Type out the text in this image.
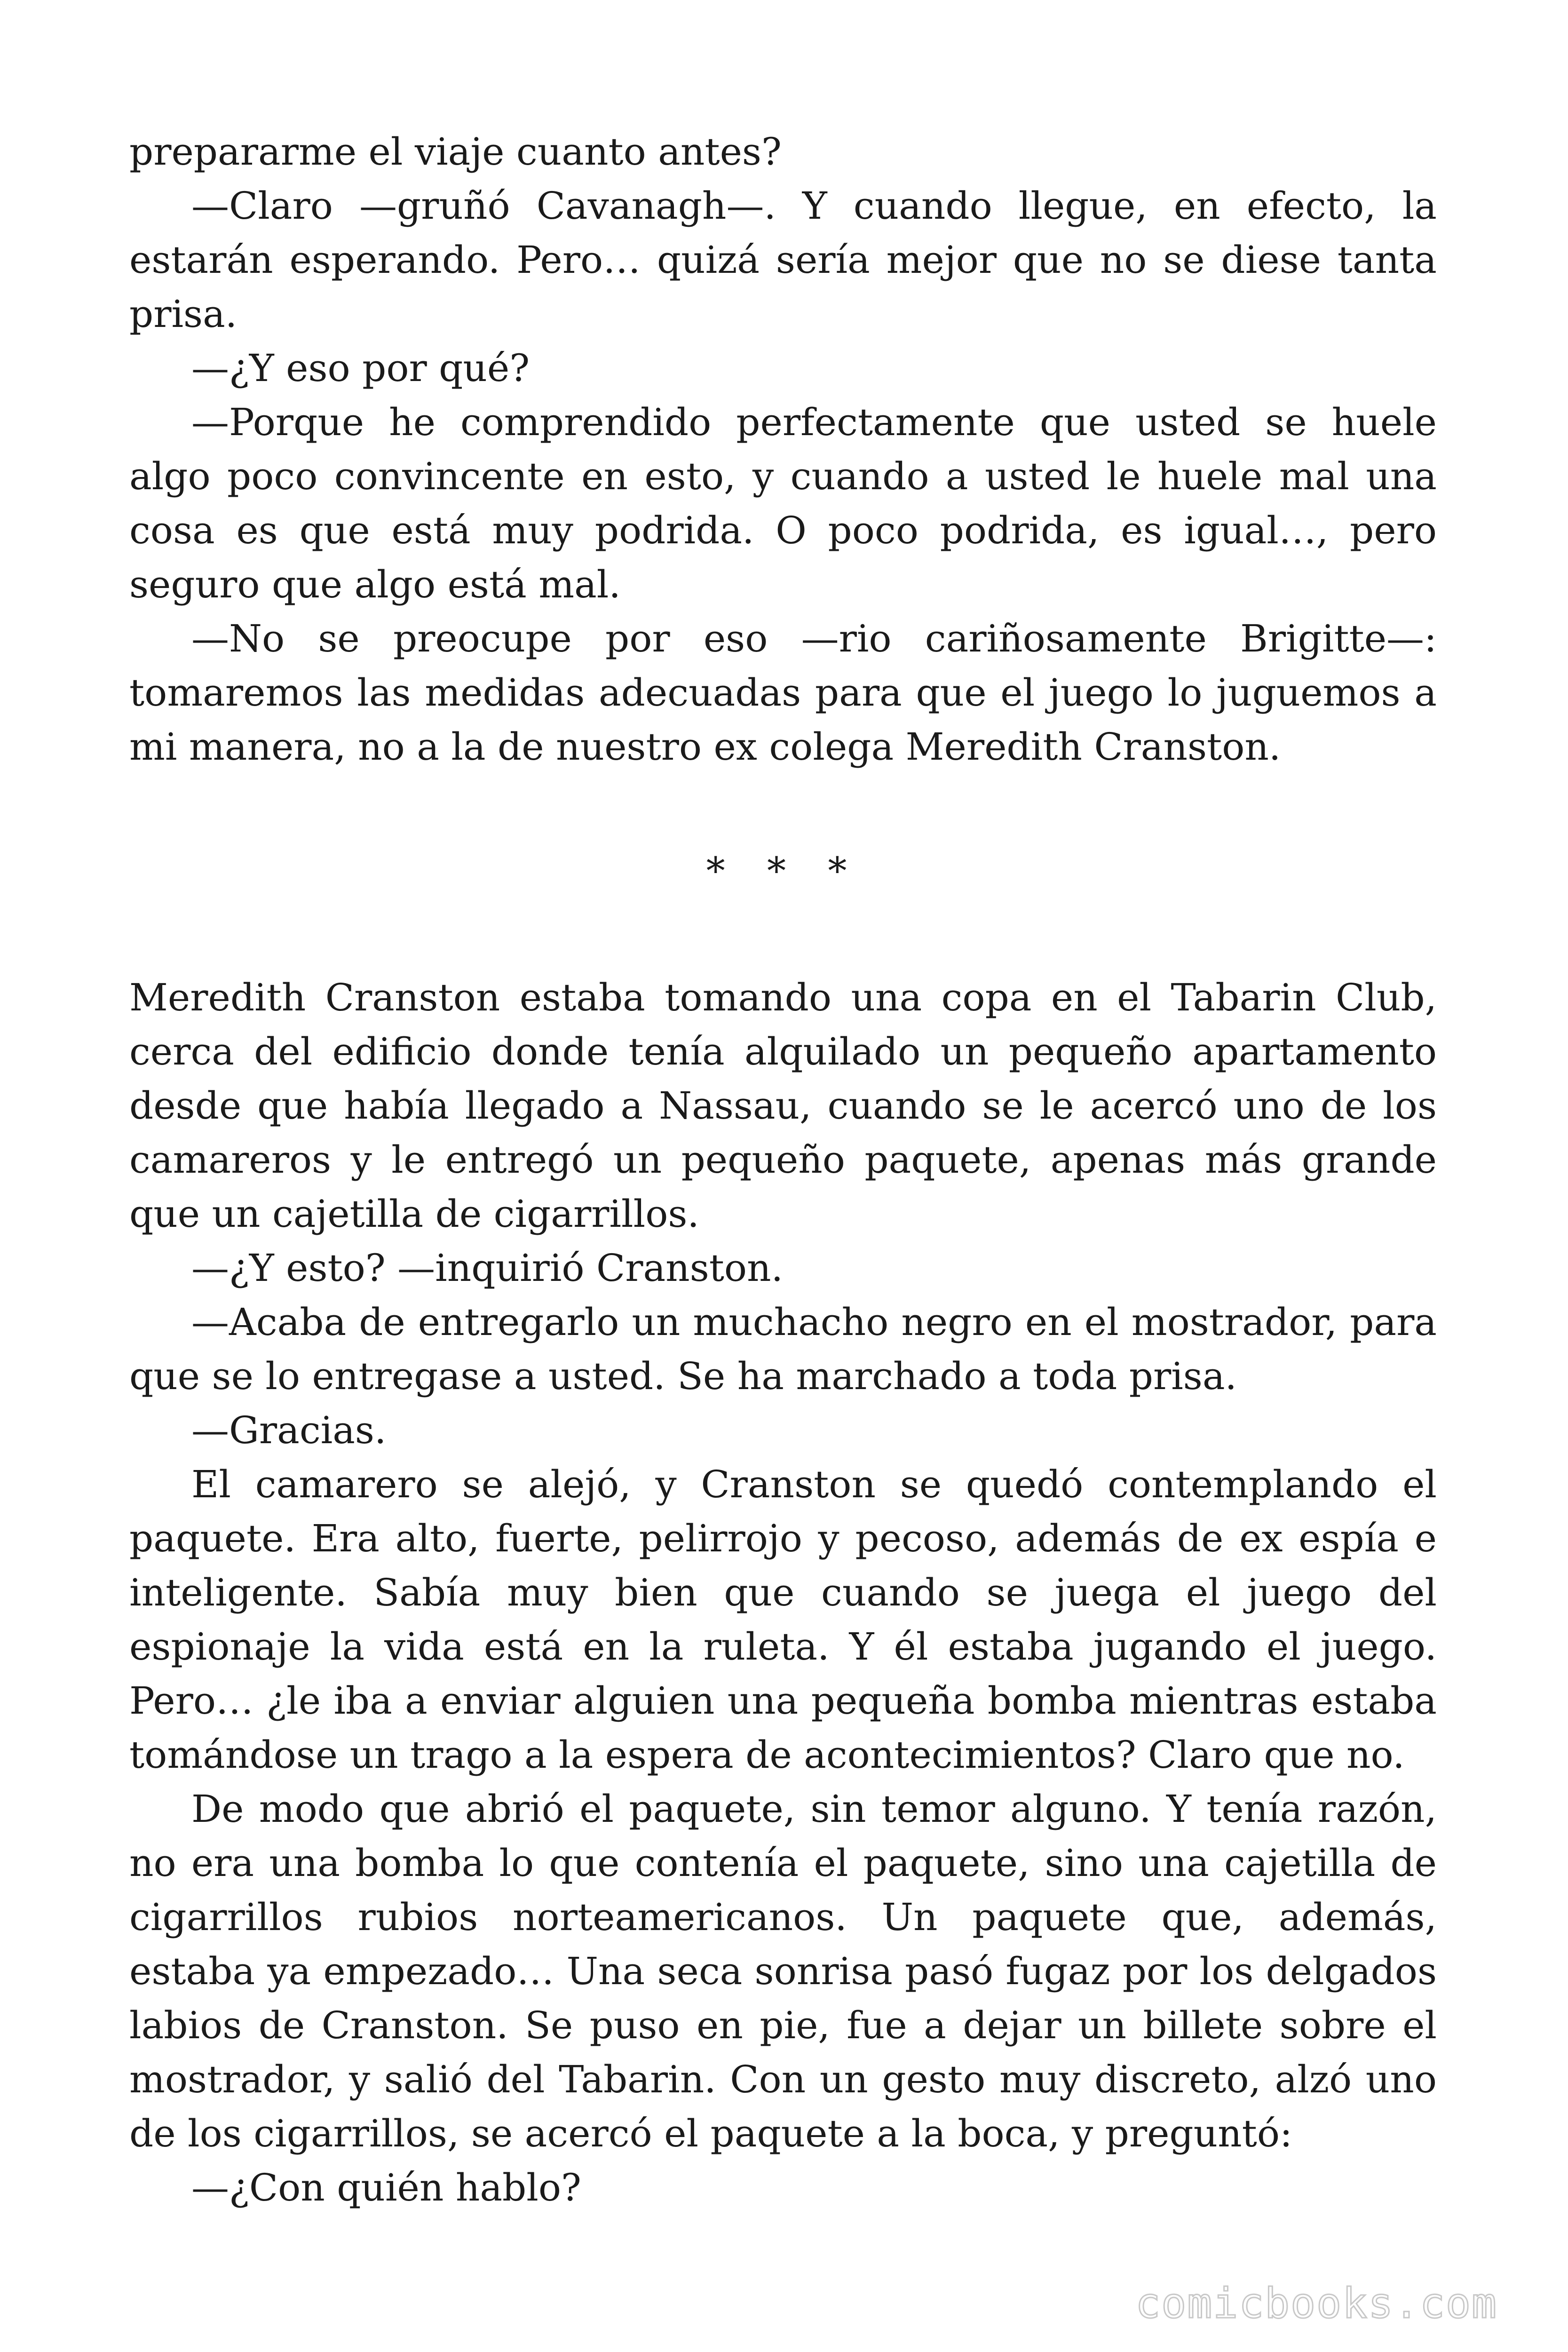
prepararme el viaje cuanto antes?

—Claro —gruñó Cavanagh—. Y cuando llegue, en efecto, la estarán esperando. Pero… quizá sería mejor que no se diese tanta prisa.

—¿Y eso por qué?

—Porque he comprendido perfectamente que usted se huele algo poco convincente en esto, y cuando a usted le huele mal una cosa es que está muy podrida. O poco podrida, es igual…, pero seguro que algo está mal.

—No se preocupe por eso —rio cariñosamente Brigitte—: tomaremos las medidas adecuadas para que el juego lo juguemos a mi manera, no a la de nuestro ex colega Meredith Cranston.

* * *

Meredith Cranston estaba tomando una copa en el Tabarin Club, cerca del edificio donde tenía alquilado un pequeño apartamento desde que había llegado a Nassau, cuando se le acercó uno de los camareros y le entregó un pequeño paquete, apenas más grande que un cajetilla de cigarrillos.

—¿Y esto? —inquirió Cranston.

—Acaba de entregarlo un muchacho negro en el mostrador, para que se lo entregase a usted. Se ha marchado a toda prisa.

—Gracias.

El camarero se alejó, y Cranston se quedó contemplando el paquete. Era alto, fuerte, pelirrojo y pecoso, además de ex espía e inteligente. Sabía muy bien que cuando se juega el juego del espionaje la vida está en la ruleta. Y él estaba jugando el juego. Pero… ¿le iba a enviar alguien una pequeña bomba mientras estaba tomándose un trago a la espera de acontecimientos? Claro que no.

De modo que abrió el paquete, sin temor alguno. Y tenía razón, no era una bomba lo que contenía el paquete, sino una cajetilla de cigarrillos rubios norteamericanos. Un paquete que, además, estaba ya empezado… Una seca sonrisa pasó fugaz por los delgados labios de Cranston. Se puso en pie, fue a dejar un billete sobre el mostrador, y salió del Tabarin. Con un gesto muy discreto, alzó uno de los cigarrillos, se acercó el paquete a la boca, y preguntó:

—¿Con quién hablo?

comicbooks.com
